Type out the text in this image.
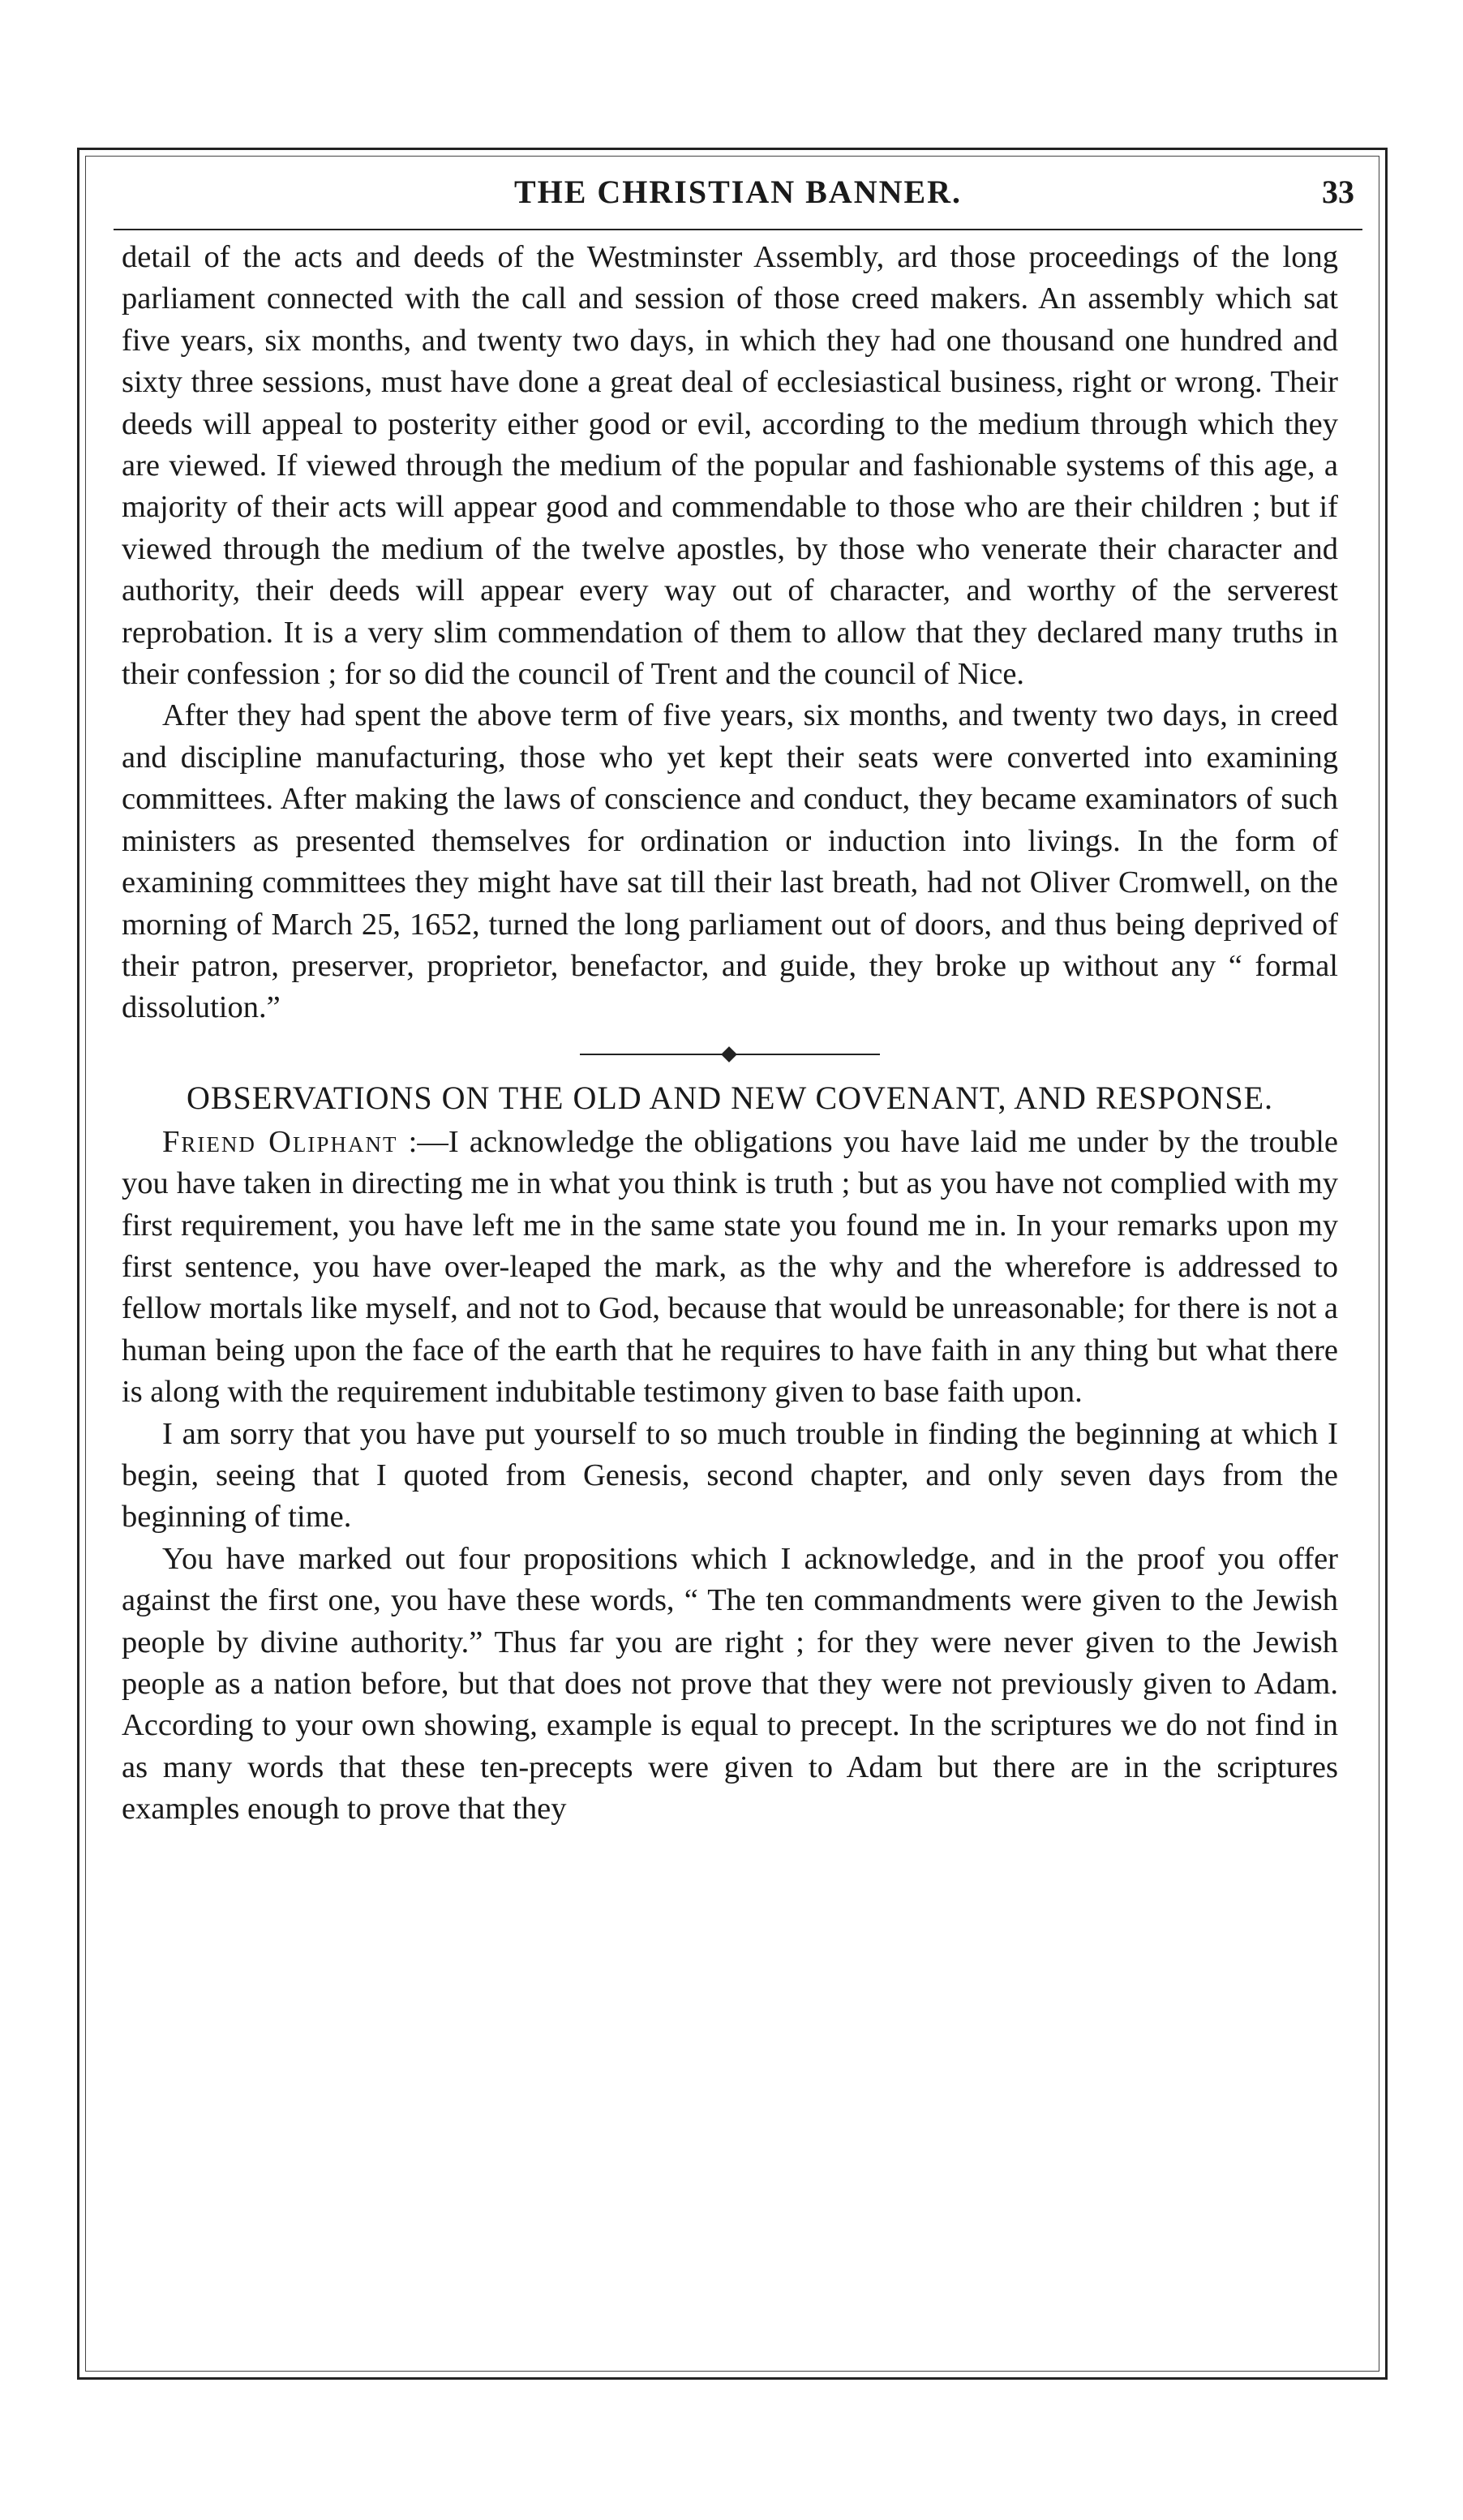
THE CHRISTIAN BANNER.	33

detail of the acts and deeds of the Westminster Assembly, ard those proceedings of the long parliament connected with the call and session of those creed makers. An assembly which sat five years, six months, and twenty two days, in which they had one thousand one hundred and sixty three sessions, must have done a great deal of ecclesiastical business, right or wrong. Their deeds will appeal to posterity either good or evil, according to the medium through which they are viewed. If viewed through the medium of the popular and fashionable systems of this age, a majority of their acts will appear good and commendable to those who are their children ; but if viewed through the medium of the twelve apostles, by those who venerate their character and authority, their deeds will appear every way out of character, and worthy of the serverest reprobation. It is a very slim commendation of them to allow that they declared many truths in their confession ; for so did the council of Trent and the council of Nice.

After they had spent the above term of five years, six months, and twenty two days, in creed and discipline manufacturing, those who yet kept their seats were converted into examining committees. After making the laws of conscience and conduct, they became examinators of such ministers as presented themselves for ordination or induction into livings. In the form of examining committees they might have sat till their last breath, had not Oliver Cromwell, on the morning of March 25, 1652, turned the long parliament out of doors, and thus being deprived of their patron, preserver, proprietor, benefactor, and guide, they broke up without any “ formal dissolution.”

OBSERVATIONS ON THE OLD AND NEW COVENANT, AND RESPONSE.

Friend Oliphant :—I acknowledge the obligations you have laid me under by the trouble you have taken in directing me in what you think is truth ; but as you have not complied with my first requirement, you have left me in the same state you found me in. In your remarks upon my first sentence, you have over-leaped the mark, as the why and the wherefore is addressed to fellow mortals like myself, and not to God, because that would be unreasonable; for there is not a human being upon the face of the earth that he requires to have faith in any thing but what there is along with the requirement indubitable testimony given to base faith upon.

I am sorry that you have put yourself to so much trouble in finding the beginning at which I begin, seeing that I quoted from Genesis, second chapter, and only seven days from the beginning of time.

You have marked out four propositions which I acknowledge, and in the proof you offer against the first one, you have these words, “ The ten commandments were given to the Jewish people by divine authority.” Thus far you are right ; for they were never given to the Jewish people as a nation before, but that does not prove that they were not previously given to Adam. According to your own showing, example is equal to precept. In the scriptures we do not find in as many words that these ten-precepts were given to Adam but there are in the scriptures examples enough to prove that they
